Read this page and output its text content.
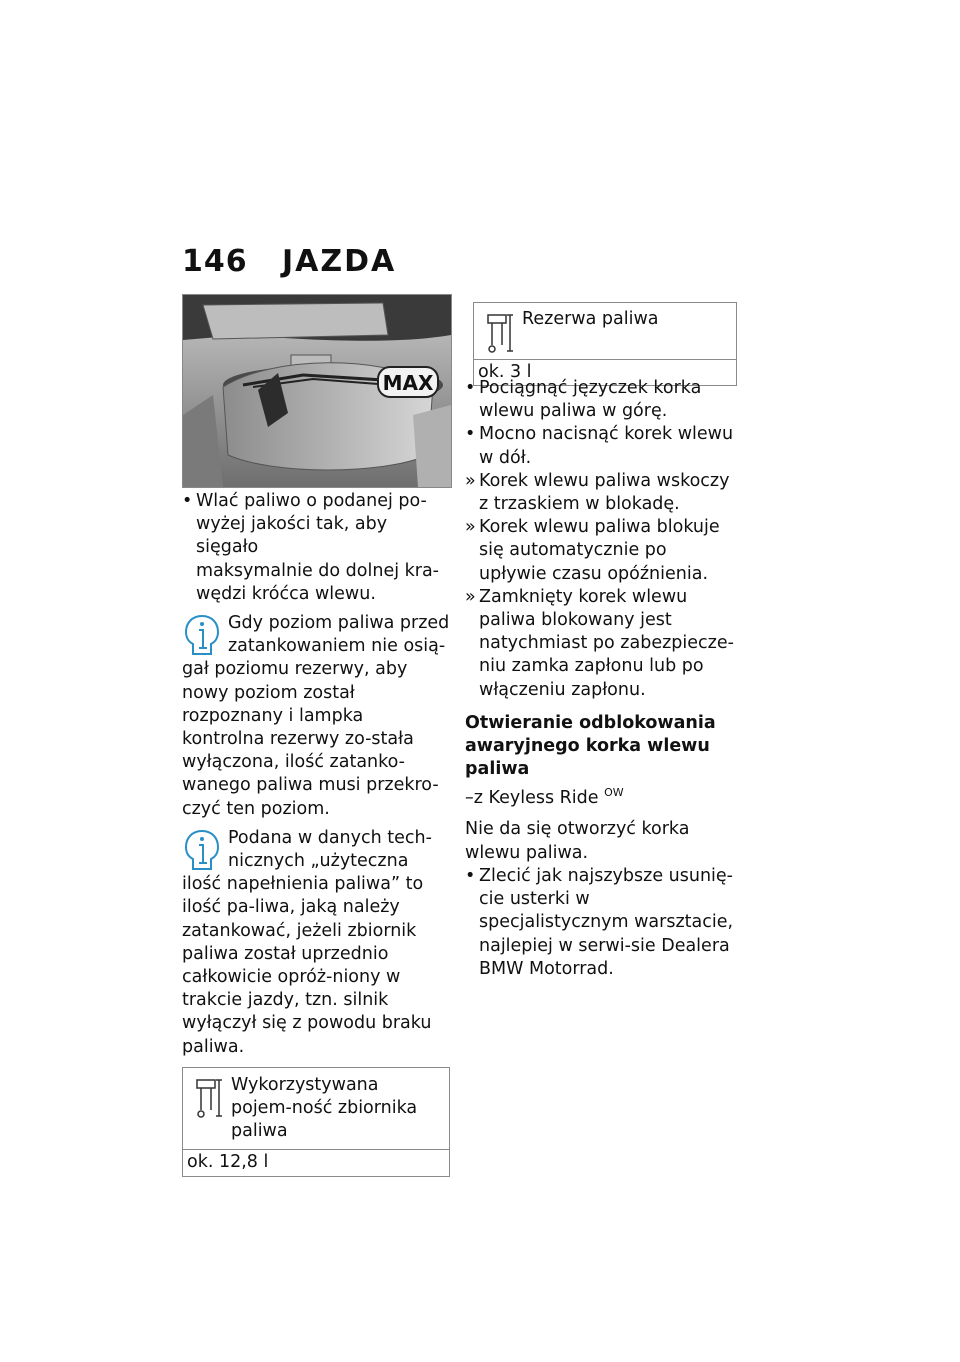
146 JAZDA
MAX
• Wlać paliwo o podanej po-
wyżej jakości tak, aby sięgało
maksymalnie do dolnej kra-
wędzi króćca wlewu.
Gdy poziom paliwa przed zatankowaniem nie osią-gał poziomu rezerwy, aby nowy poziom został rozpoznany i lampka kontrolna rezerwy zo-stała wyłączona, ilość zatanko-wanego paliwa musi przekro-czyć ten poziom.
Podana w danych tech-nicznych „użyteczna ilość napełnienia paliwa” to ilość pa-liwa, jaką należy zatankować, jeżeli zbiornik paliwa został uprzednio całkowicie opróż-niony w trakcie jazdy, tzn. silnik wyłączył się z powodu braku paliwa.
Wykorzystywana pojem-ność zbiornika paliwa
ok. 12,8 l
Rezerwa paliwa
ok. 3 l
• Pociągnąć języczek korka wlewu paliwa w górę.
• Mocno nacisnąć korek wlewu w dół.
» Korek wlewu paliwa wskoczy z trzaskiem w blokadę.
» Korek wlewu paliwa blokuje się automatycznie po upływie czasu opóźnienia.
» Zamknięty korek wlewu paliwa blokowany jest natychmiast po zabezpiecze-niu zamka zapłonu lub po włączeniu zapłonu.
Otwieranie odblokowania awaryjnego korka wlewu paliwa
–z Keyless Ride $^{OW}$
Nie da się otworzyć korka wlewu paliwa.
• Zlecić jak najszybsze usunię-cie usterki w specjalistycznym warsztacie, najlepiej w serwi-sie Dealera BMW Motorrad.
